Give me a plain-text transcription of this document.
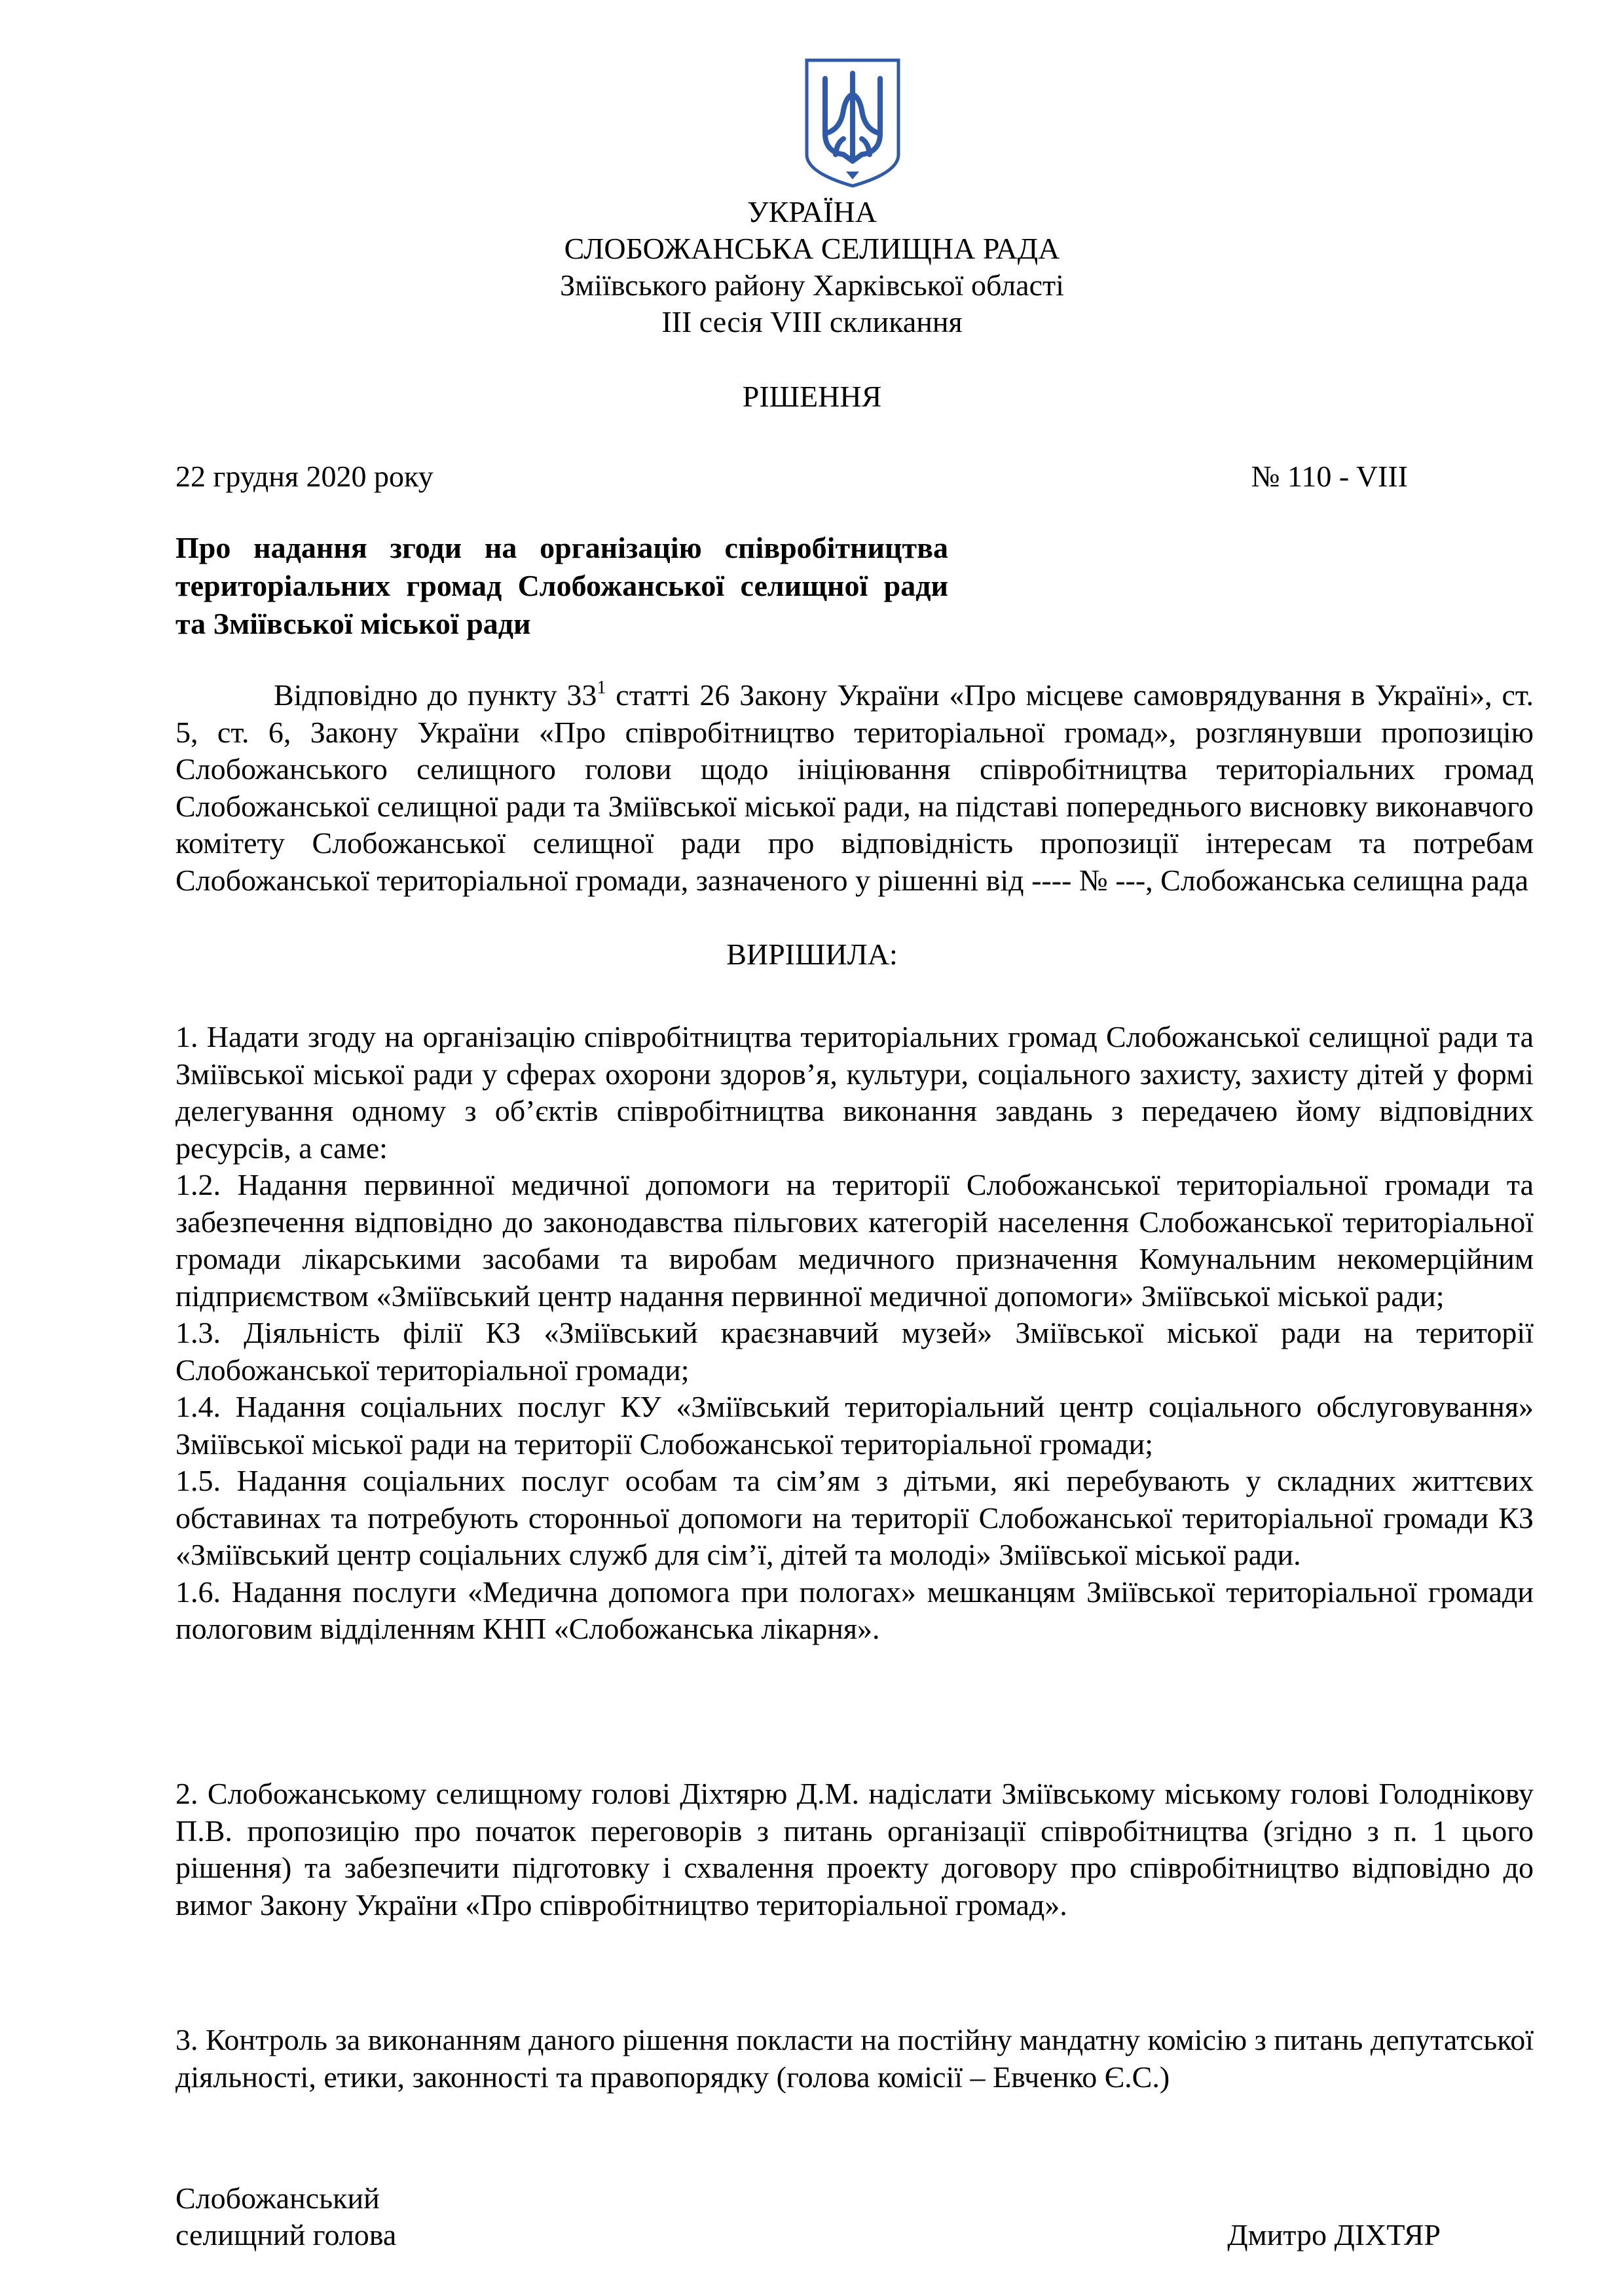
УКРАЇНА
СЛОБОЖАНСЬКА СЕЛИЩНА РАДА
Зміївського району Харківської області
ІІІ сесія VIII скликання
РІШЕННЯ
22 грудня 2020 року	№ 110 - VIII
Про надання згоди на організацію співробітництва територіальних громад Слобожанської селищної ради та Зміївської міської ради
Відповідно до пункту $33^1$ статті 26 Закону України «Про місцеве самоврядування в Україні», ст. 5, ст. 6, Закону України «Про співробітництво територіальної громад», розглянувши пропозицію Слобожанського селищного голови щодо ініціювання співробітництва територіальних громад Слобожанської селищної ради та Зміївської міської ради, на підставі попереднього висновку виконавчого комітету Слобожанської селищної ради про відповідність пропозиції інтересам та потребам Слобожанської територіальної громади, зазначеного у рішенні від ---- № ---, Слобожанська селищна рада
ВИРІШИЛА:

1. Надати згоду на організацію співробітництва територіальних громад Слобожанської селищної ради та Зміївської міської ради у сферах охорони здоров’я, культури, соціального захисту, захисту дітей у формі делегування одному з об’єктів співробітництва виконання завдань з передачею йому відповідних ресурсів, а саме:

1.2. Надання первинної медичної допомоги на території Слобожанської територіальної громади та забезпечення відповідно до законодавства пільгових категорій населення Слобожанської територіальної громади лікарськими засобами та виробам медичного призначення Комунальним некомерційним підприємством «Зміївський центр надання первинної медичної допомоги» Зміївської міської ради;

1.3. Діяльність філії КЗ «Зміївський краєзнавчий музей» Зміївської міської ради на території Слобожанської територіальної громади;

1.4. Надання соціальних послуг КУ «Зміївський територіальний центр соціального обслуговування» Зміївської міської ради на території Слобожанської територіальної громади;

1.5. Надання соціальних послуг особам та сім’ям з дітьми, які перебувають у складних життєвих обставинах та потребують сторонньої допомоги на території Слобожанської територіальної громади КЗ «Зміївський центр соціальних служб для сім’ї, дітей та молоді» Зміївської міської ради.

1.6. Надання послуги «Медична допомога при пологах» мешканцям Зміївської територіальної громади пологовим відділенням КНП «Слобожанська лікарня».

2. Слобожанському селищному голові Діхтярю Д.М. надіслати Зміївському міському голові Голоднікову П.В. пропозицію про початок переговорів з питань організації співробітництва (згідно з п. 1 цього рішення) та забезпечити підготовку і схвалення проекту договору про співробітництво відповідно до вимог Закону України «Про співробітництво територіальної громад».
3. Контроль за виконанням даного рішення покласти на постійну мандатну комісію з питань депутатської діяльності, етики, законності та правопорядку (голова комісії – Евченко Є.С.)
Слобожанський
селищний голова	Дмитро ДІХТЯР
